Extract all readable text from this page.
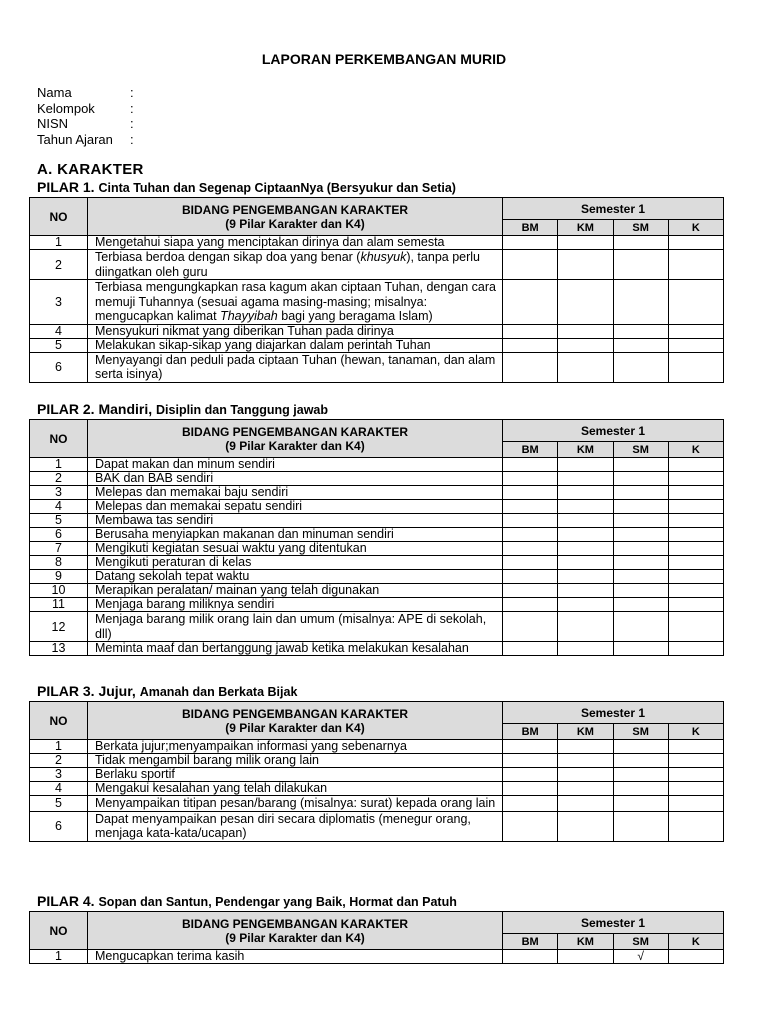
LAPORAN PERKEMBANGAN MURID
Nama	:
Kelompok	:
NISN	:
Tahun Ajaran	:
A. KARAKTER
PILAR 1. Cinta Tuhan dan Segenap CiptaanNya (Bersyukur dan Setia)
NO	BIDANG PENGEMBANGAN KARAKTER
(9 Pilar Karakter dan K4)	Semester 1			
		BM	KM	SM	K
1	Mengetahui siapa yang menciptakan dirinya dan alam semesta				
2	Terbiasa berdoa dengan sikap doa yang benar (khusyuk), tanpa perlu diingatkan oleh guru				
3	Terbiasa mengungkapkan rasa kagum akan ciptaan Tuhan, dengan cara memuji Tuhannya (sesuai agama masing-masing; misalnya: mengucapkan kalimat Thayyibah bagi yang beragama Islam)				
4	Mensyukuri nikmat yang diberikan Tuhan pada dirinya				
5	Melakukan sikap-sikap yang diajarkan dalam perintah Tuhan				
6	Menyayangi dan peduli pada ciptaan Tuhan (hewan, tanaman, dan alam serta isinya)				
PILAR 2. Mandiri, Disiplin dan Tanggung jawab
NO	BIDANG PENGEMBANGAN KARAKTER
(9 Pilar Karakter dan K4)	Semester 1			
		BM	KM	SM	K
1	Dapat makan dan minum sendiri				
2	BAK dan BAB sendiri				
3	Melepas dan memakai baju sendiri				
4	Melepas dan memakai sepatu sendiri				
5	Membawa tas sendiri				
6	Berusaha menyiapkan makanan dan minuman sendiri				
7	Mengikuti kegiatan sesuai waktu yang ditentukan				
8	Mengikuti peraturan di kelas				
9	Datang sekolah tepat waktu				
10	Merapikan peralatan/ mainan yang telah digunakan				
11	Menjaga barang miliknya sendiri				
12	Menjaga barang milik orang lain dan umum (misalnya: APE di sekolah, dll)				
13	Meminta maaf dan bertanggung jawab ketika melakukan kesalahan				
PILAR 3. Jujur, Amanah dan Berkata Bijak
NO	BIDANG PENGEMBANGAN KARAKTER
(9 Pilar Karakter dan K4)	Semester 1			
		BM	KM	SM	K
1	Berkata jujur;menyampaikan informasi yang sebenarnya				
2	Tidak mengambil barang milik orang lain				
3	Berlaku sportif				
4	Mengakui kesalahan yang telah dilakukan				
5	Menyampaikan titipan pesan/barang (misalnya: surat) kepada orang lain				
6	Dapat menyampaikan pesan diri secara diplomatis (menegur orang, menjaga kata-kata/ucapan)				
PILAR 4. Sopan dan Santun, Pendengar yang Baik, Hormat dan Patuh
NO	BIDANG PENGEMBANGAN KARAKTER
(9 Pilar Karakter dan K4)	Semester 1			
		BM	KM	SM	K
1	Mengucapkan terima kasih			√	
